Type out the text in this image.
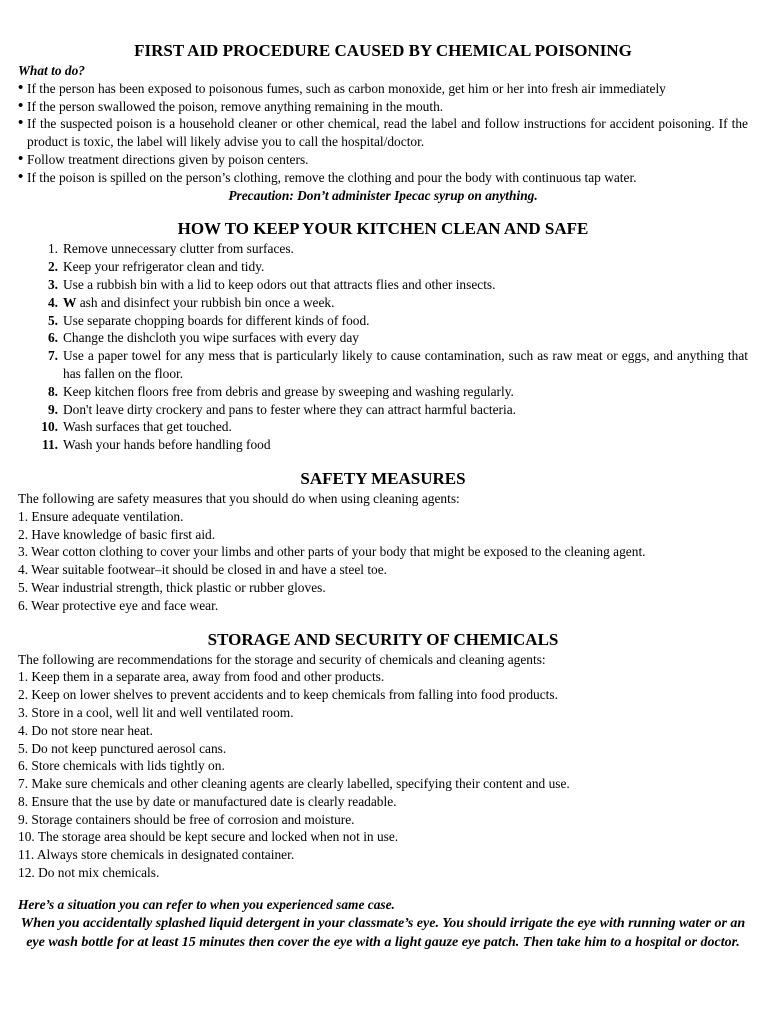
FIRST AID PROCEDURE CAUSED BY CHEMICAL POISONING
What to do?
• If the person has been exposed to poisonous fumes, such as carbon monoxide, get him or her into fresh air immediately
• If the person swallowed the poison, remove anything remaining in the mouth.
• If the suspected poison is a household cleaner or other chemical, read the label and follow instructions for accident poisoning. If the product is toxic, the label will likely advise you to call the hospital/doctor.
• Follow treatment directions given by poison centers.
• If the poison is spilled on the person’s clothing, remove the clothing and pour the body with continuous tap water.
Precaution: Don’t administer Ipecac syrup on anything.
HOW TO KEEP YOUR KITCHEN CLEAN AND SAFE
1. Remove unnecessary clutter from surfaces.
2. Keep your refrigerator clean and tidy.
3. Use a rubbish bin with a lid to keep odors out that attracts flies and other insects.
4. W ash and disinfect your rubbish bin once a week.
5. Use separate chopping boards for different kinds of food.
6. Change the dishcloth you wipe surfaces with every day
7. Use a paper towel for any mess that is particularly likely to cause contamination, such as raw meat or eggs, and anything that has fallen on the floor.
8. Keep kitchen floors free from debris and grease by sweeping and washing regularly.
9. Don't leave dirty crockery and pans to fester where they can attract harmful bacteria.
10. Wash surfaces that get touched.
11. Wash your hands before handling food
SAFETY MEASURES
The following are safety measures that you should do when using cleaning agents:
1. Ensure adequate ventilation.
2. Have knowledge of basic first aid.
3. Wear cotton clothing to cover your limbs and other parts of your body that might be exposed to the cleaning agent.
4. Wear suitable footwear–it should be closed in and have a steel toe.
5. Wear industrial strength, thick plastic or rubber gloves.
6. Wear protective eye and face wear.
STORAGE AND SECURITY OF CHEMICALS
The following are recommendations for the storage and security of chemicals and cleaning agents:
1. Keep them in a separate area, away from food and other products.
2. Keep on lower shelves to prevent accidents and to keep chemicals from falling into food products.
3. Store in a cool, well lit and well ventilated room.
4. Do not store near heat.
5. Do not keep punctured aerosol cans.
6. Store chemicals with lids tightly on.
7. Make sure chemicals and other cleaning agents are clearly labelled, specifying their content and use.
8. Ensure that the use by date or manufactured date is clearly readable.
9. Storage containers should be free of corrosion and moisture.
10. The storage area should be kept secure and locked when not in use.
11. Always store chemicals in designated container.
12. Do not mix chemicals.
Here’s a situation you can refer to when you experienced same case.
When you accidentally splashed liquid detergent in your classmate’s eye. You should irrigate the eye with running water or an eye wash bottle for at least 15 minutes then cover the eye with a light gauze eye patch. Then take him to a hospital or doctor.
